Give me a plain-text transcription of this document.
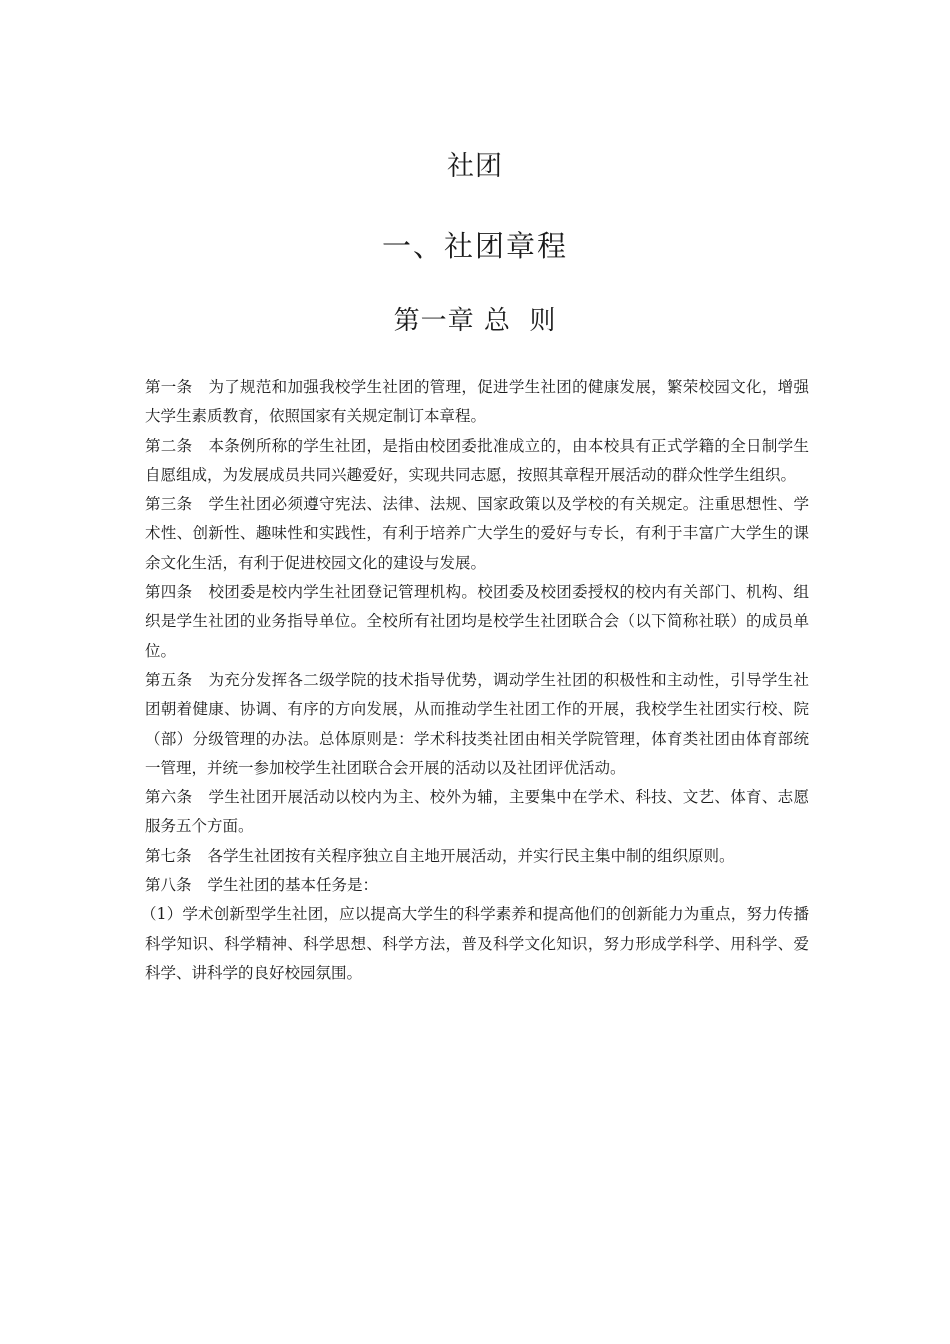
社团
一、社团章程
第一章 总  则

第一条 为了规范和加强我校学生社团的管理，促进学生社团的健康发展，繁荣校园文化，增强大学生素质教育，依照国家有关规定制订本章程。

第二条 本条例所称的学生社团，是指由校团委批准成立的，由本校具有正式学籍的全日制学生自愿组成，为发展成员共同兴趣爱好，实现共同志愿，按照其章程开展活动的群众性学生组织。

第三条 学生社团必须遵守宪法、法律、法规、国家政策以及学校的有关规定。注重思想性、学术性、创新性、趣味性和实践性，有利于培养广大学生的爱好与专长，有利于丰富广大学生的课余文化生活，有利于促进校园文化的建设与发展。

第四条 校团委是校内学生社团登记管理机构。校团委及校团委授权的校内有关部门、机构、组织是学生社团的业务指导单位。全校所有社团均是校学生社团联合会（以下简称社联）的成员单位。

第五条 为充分发挥各二级学院的技术指导优势，调动学生社团的积极性和主动性，引导学生社团朝着健康、协调、有序的方向发展，从而推动学生社团工作的开展，我校学生社团实行校、院（部）分级管理的办法。总体原则是：学术科技类社团由相关学院管理，体育类社团由体育部统一管理，并统一参加校学生社团联合会开展的活动以及社团评优活动。

第六条 学生社团开展活动以校内为主、校外为辅，主要集中在学术、科技、文艺、体育、志愿服务五个方面。

第七条 各学生社团按有关程序独立自主地开展活动，并实行民主集中制的组织原则。

第八条 学生社团的基本任务是：

（1）学术创新型学生社团，应以提高大学生的科学素养和提高他们的创新能力为重点，努力传播科学知识、科学精神、科学思想、科学方法，普及科学文化知识，努力形成学科学、用科学、爱科学、讲科学的良好校园氛围。
